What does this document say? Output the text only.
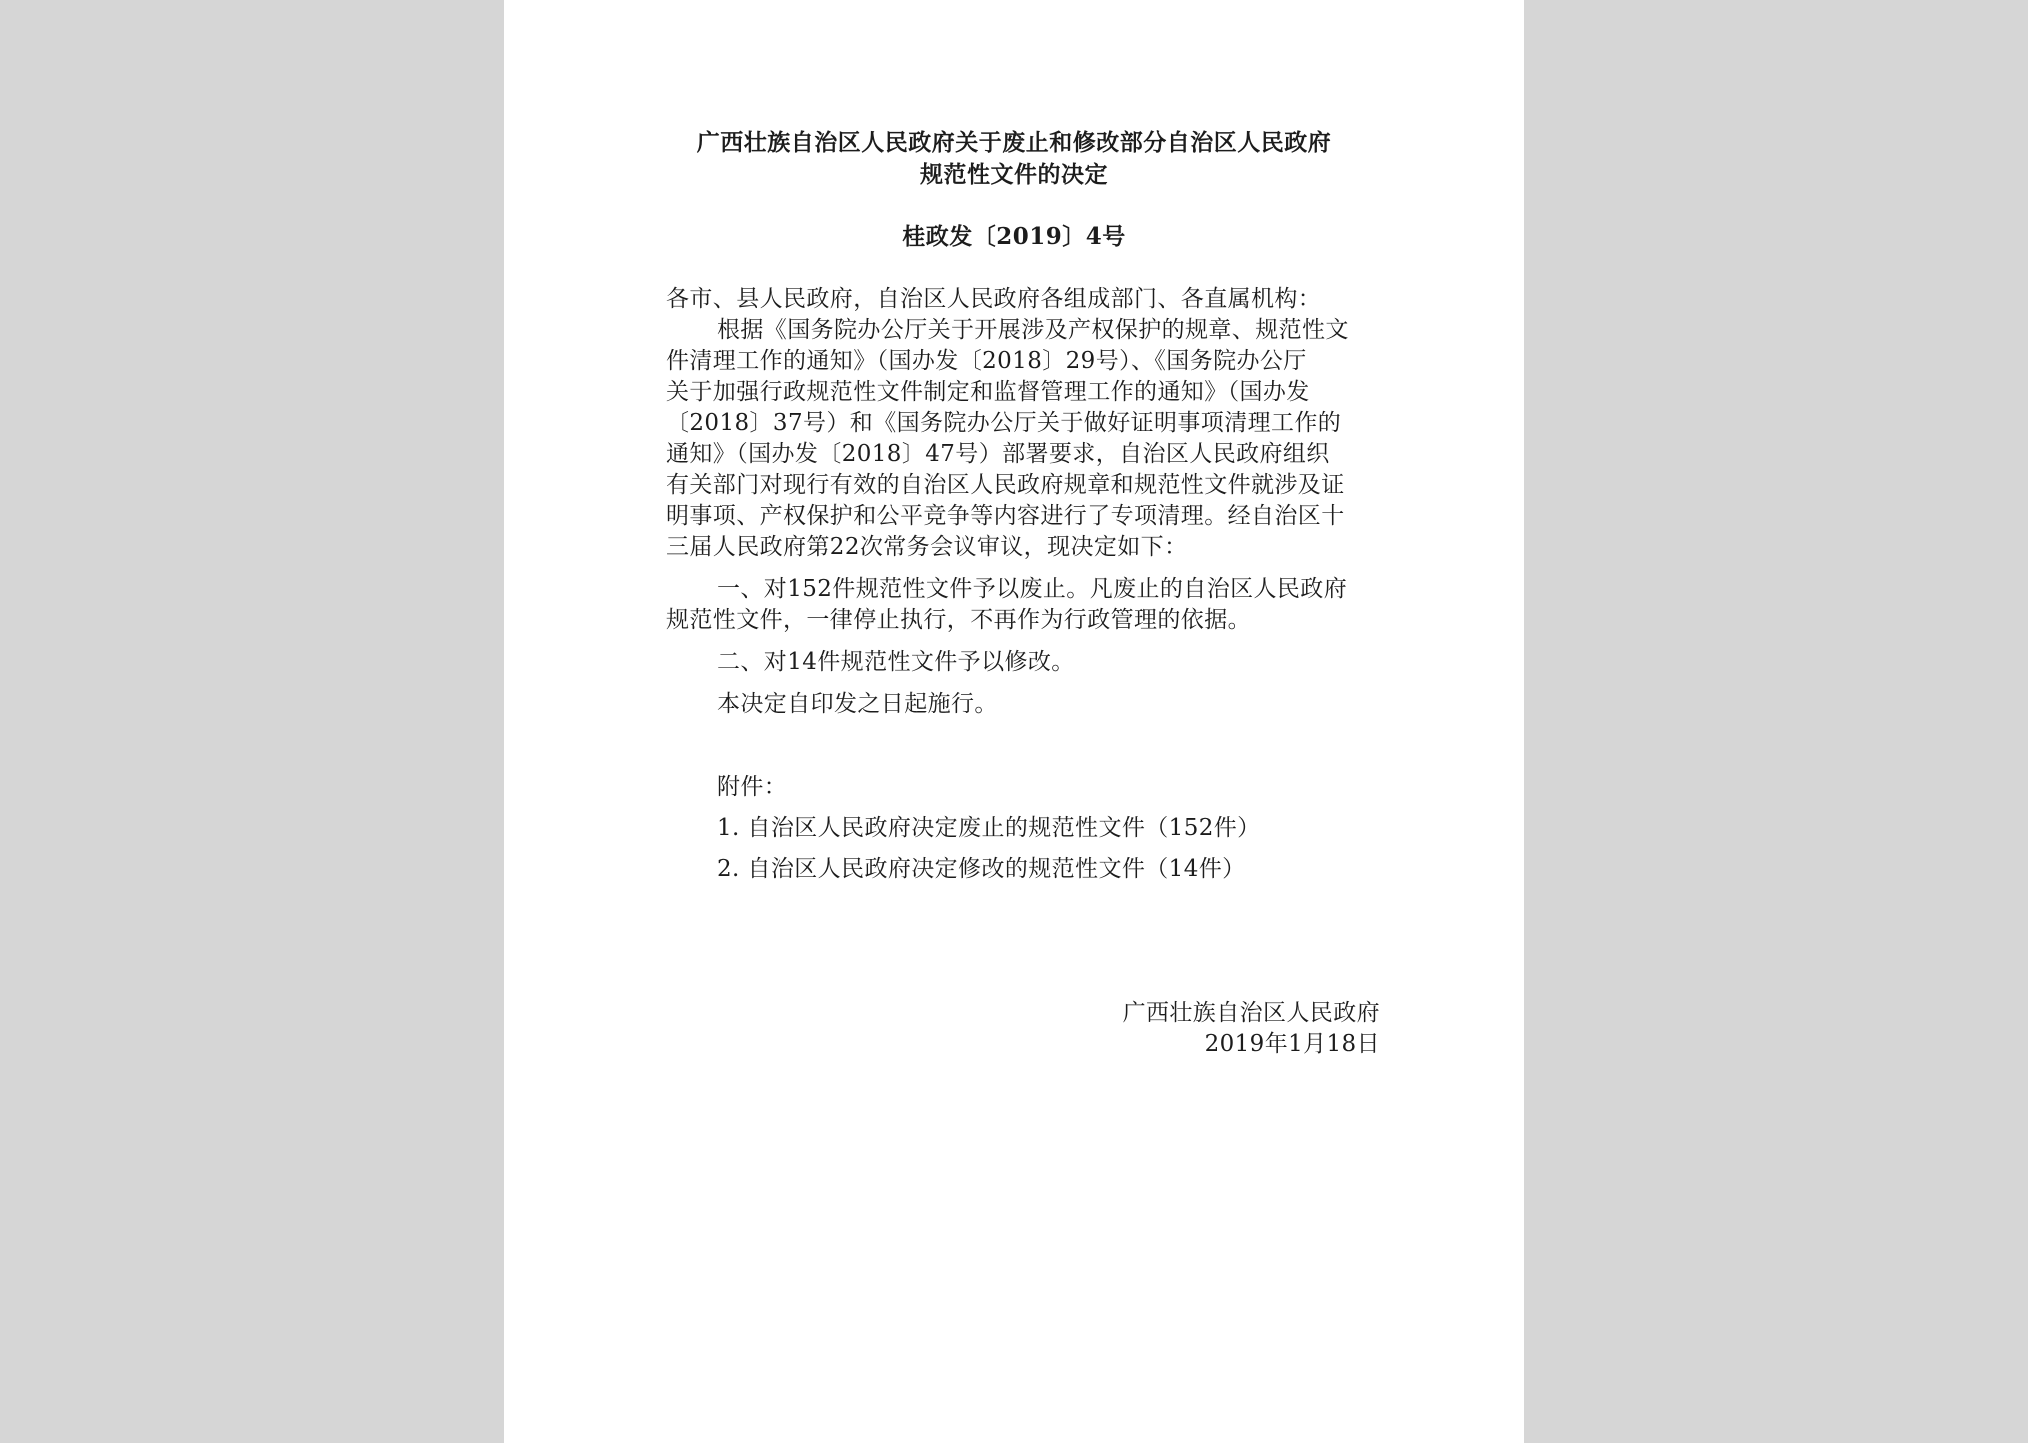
广西壮族自治区人民政府关于废止和修改部分自治区人民政府
规范性文件的决定
桂政发〔2019〕4号
各市、县人民政府，自治区人民政府各组成部门、各直属机构：
根据《国务院办公厅关于开展涉及产权保护的规章、规范性文
件清理工作的通知》（国办发〔2018〕29号）、《国务院办公厅
关于加强行政规范性文件制定和监督管理工作的通知》（国办发
〔2018〕37号）和《国务院办公厅关于做好证明事项清理工作的
通知》（国办发〔2018〕47号）部署要求，自治区人民政府组织
有关部门对现行有效的自治区人民政府规章和规范性文件就涉及证
明事项、产权保护和公平竞争等内容进行了专项清理。经自治区十
三届人民政府第22次常务会议审议，现决定如下：
一、对152件规范性文件予以废止。凡废止的自治区人民政府
规范性文件，一律停止执行，不再作为行政管理的依据。
二、对14件规范性文件予以修改。
本决定自印发之日起施行。
附件：
1. 自治区人民政府决定废止的规范性文件（152件）
2. 自治区人民政府决定修改的规范性文件（14件）
广西壮族自治区人民政府
2019年1月18日
